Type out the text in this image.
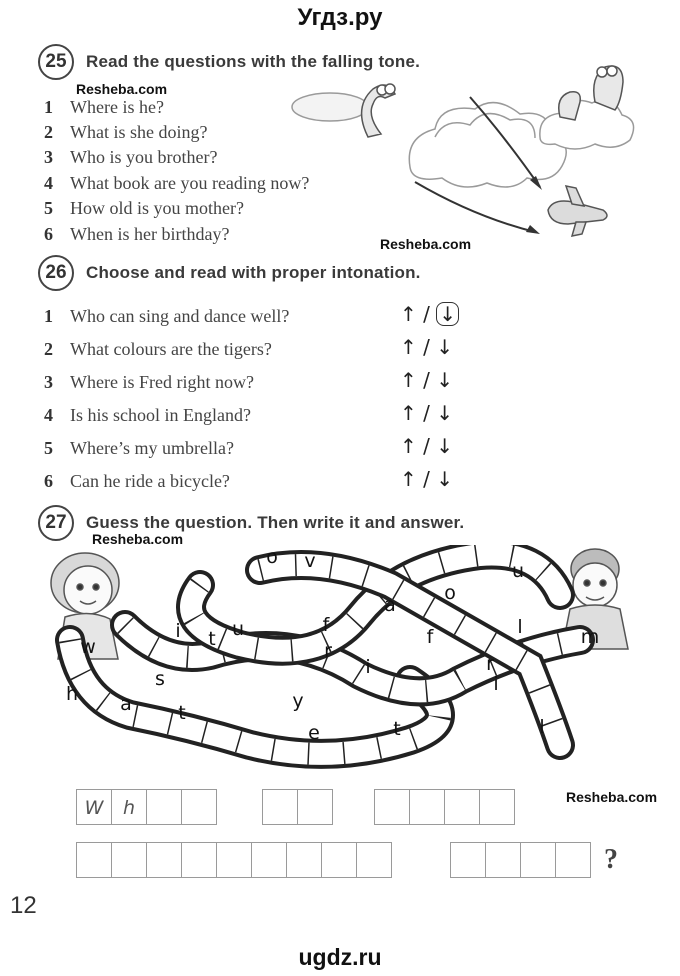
Угдз.ру
25	Read the questions with the falling tone.
Resheba.com
1 Where is he?
2 What is she doing?
3 Who is you brother?
4 What book are you reading now?
5 How old is you mother?
6 When is her birthday?	Resheba.com
26	Choose and read with proper intonation.
1 Who can sing and dance well?	↑ / ↓
2 What colours are the tigers?	↑ / ↓
3 Where is Fred right now?	↑ / ↓
4 Is his school in England?	↑ / ↓
5 Where’s my umbrella?	↑ / ↓
6 Can he ride a bicycle?	↑ / ↓
27	Guess the question. Then write it and answer.
Resheba.com
w
h a t
s
i t u
y
o v
f
r
e
i
t
a
f
o
r
i
l
u
m
l
Resheba.com
W	h
?
12
ugdz.ru
